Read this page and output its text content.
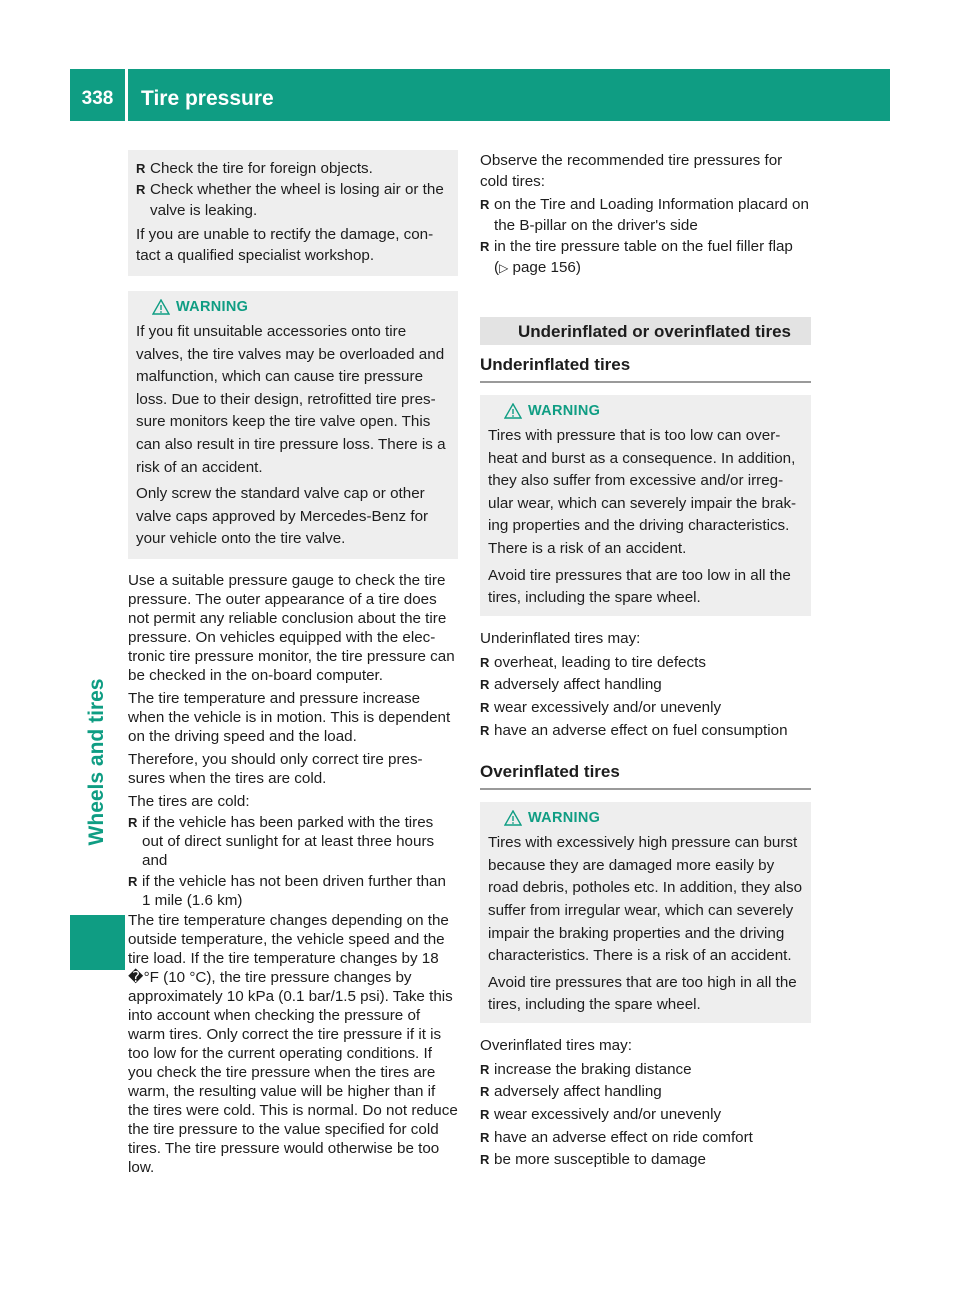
338	Tire pressure
Wheels and tires
R Check the tire for foreign objects.
R Check whether the wheel is losing air or the valve is leaking.

If you are unable to rectify the damage, con-tact a qualified specialist workshop.

WARNING

If you fit unsuitable accessories onto tire valves, the tire valves may be overloaded and malfunction, which can cause tire pressure loss. Due to their design, retrofitted tire pres-sure monitors keep the tire valve open. This can also result in tire pressure loss. There is a risk of an accident.

Only screw the standard valve cap or other valve caps approved by Mercedes-Benz for your vehicle onto the tire valve.

Use a suitable pressure gauge to check the tire pressure. The outer appearance of a tire does not permit any reliable conclusion about the tire pressure. On vehicles equipped with the elec-tronic tire pressure monitor, the tire pressure can be checked in the on-board computer.

The tire temperature and pressure increase when the vehicle is in motion. This is dependent on the driving speed and the load.

Therefore, you should only correct tire pres-sures when the tires are cold.

The tires are cold:

R if the vehicle has been parked with the tires out of direct sunlight for at least three hours and
R if the vehicle has not been driven further than 1 mile (1.6 km)

The tire temperature changes depending on the outside temperature, the vehicle speed and the tire load. If the tire temperature changes by 18 �°F (10 °C), the tire pressure changes by approximately 10 kPa (0.1 bar/1.5 psi). Take this into account when checking the pressure of warm tires. Only correct the tire pressure if it is too low for the current operating conditions. If you check the tire pressure when the tires are warm, the resulting value will be higher than if the tires were cold. This is normal. Do not reduce the tire pressure to the value specified for cold tires. The tire pressure would otherwise be too low.

Observe the recommended tire pressures for cold tires:

R on the Tire and Loading Information placard on the B-pillar on the driver's side
R in the tire pressure table on the fuel filler flap
(▷ page 156)
Underinflated or overinflated tires
Underinflated tires
WARNING

Tires with pressure that is too low can over-heat and burst as a consequence. In addition, they also suffer from excessive and/or irreg-ular wear, which can severely impair the brak-ing properties and the driving characteristics. There is a risk of an accident.

Avoid tire pressures that are too low in all the tires, including the spare wheel.

Underinflated tires may:

R overheat, leading to tire defects
R adversely affect handling
R wear excessively and/or unevenly
R have an adverse effect on fuel consumption
Overinflated tires
WARNING

Tires with excessively high pressure can burst because they are damaged more easily by road debris, potholes etc. In addition, they also suffer from irregular wear, which can severely impair the braking properties and the driving characteristics. There is a risk of an accident.

Avoid tire pressures that are too high in all the tires, including the spare wheel.

Overinflated tires may:

R increase the braking distance
R adversely affect handling
R wear excessively and/or unevenly
R have an adverse effect on ride comfort
R be more susceptible to damage
